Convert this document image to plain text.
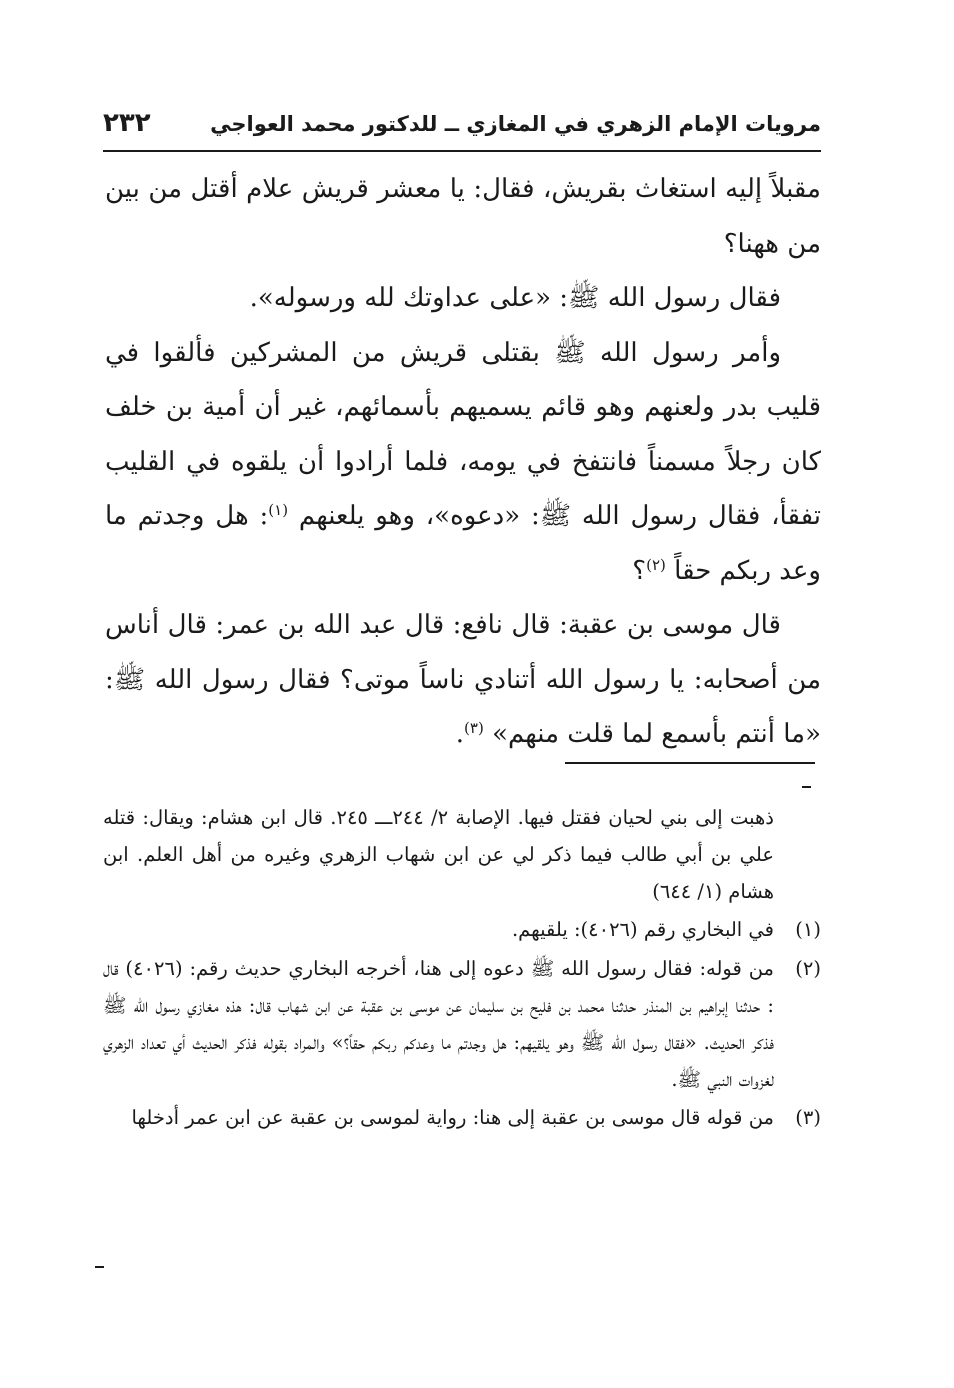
مرويات الإمام الزهري في المغازي ــ للدكتور محمد العواجي
٢٣٢

مقبلاً إليه استغاث بقريش، فقال: يا معشر قريش علام أقتل من بين من ههنا؟

فقال رسول الله ﷺ: «على عداوتك لله ورسوله».

وأمر رسول الله ﷺ بقتلى قريش من المشركين فألقوا في قليب بدر ولعنهم وهو قائم يسميهم بأسمائهم، غير أن أمية بن خلف كان رجلاً مسمناً فانتفخ في يومه، فلما أرادوا أن يلقوه في القليب تفقأ، فقال رسول الله ﷺ: «دعوه»، وهو يلعنهم $^{(١)}$: هل وجدتم ما وعد ربكم حقاً $^{(٢)}$؟

قال موسى بن عقبة: قال نافع: قال عبد الله بن عمر: قال أناس من أصحابه: يا رسول الله أتنادي ناساً موتى؟ فقال رسول الله ﷺ: «ما أنتم بأسمع لما قلت منهم» $^{(٣)}$.

ذهبت إلى بني لحيان فقتل فيها. الإصابة ٢/ ٢٤٤ـــ ٢٤٥. قال ابن هشام: ويقال: قتله علي بن أبي طالب فيما ذكر لي عن ابن شهاب الزهري وغيره من أهل العلم. ابن هشام (١/ ٦٤٤)

(١)
في البخاري رقم (٤٠٢٦): يلقيهم.
(٢)
من قوله: فقال رسول الله ﷺ دعوه إلى هنا، أخرجه البخاري حديث رقم: (٤٠٢٦) قال : حدثنا إبراهيم بن المنذر حدثنا محمد بن فليح بن سليمان عن موسى بن عقبة عن ابن شهاب قال: هذه مغازي رسول الله ﷺ فذكر الحديث. «فقال رسول الله ﷺ وهو يلقيهم: هل وجدتم ما وعدكم ربكم حقاً؟» والمراد بقوله فذكر الحديث أي تعداد الزهري لغزوات النبي ﷺ.
(٣)
من قوله قال موسى بن عقبة إلى هنا: رواية لموسى بن عقبة عن ابن عمر أدخلها
